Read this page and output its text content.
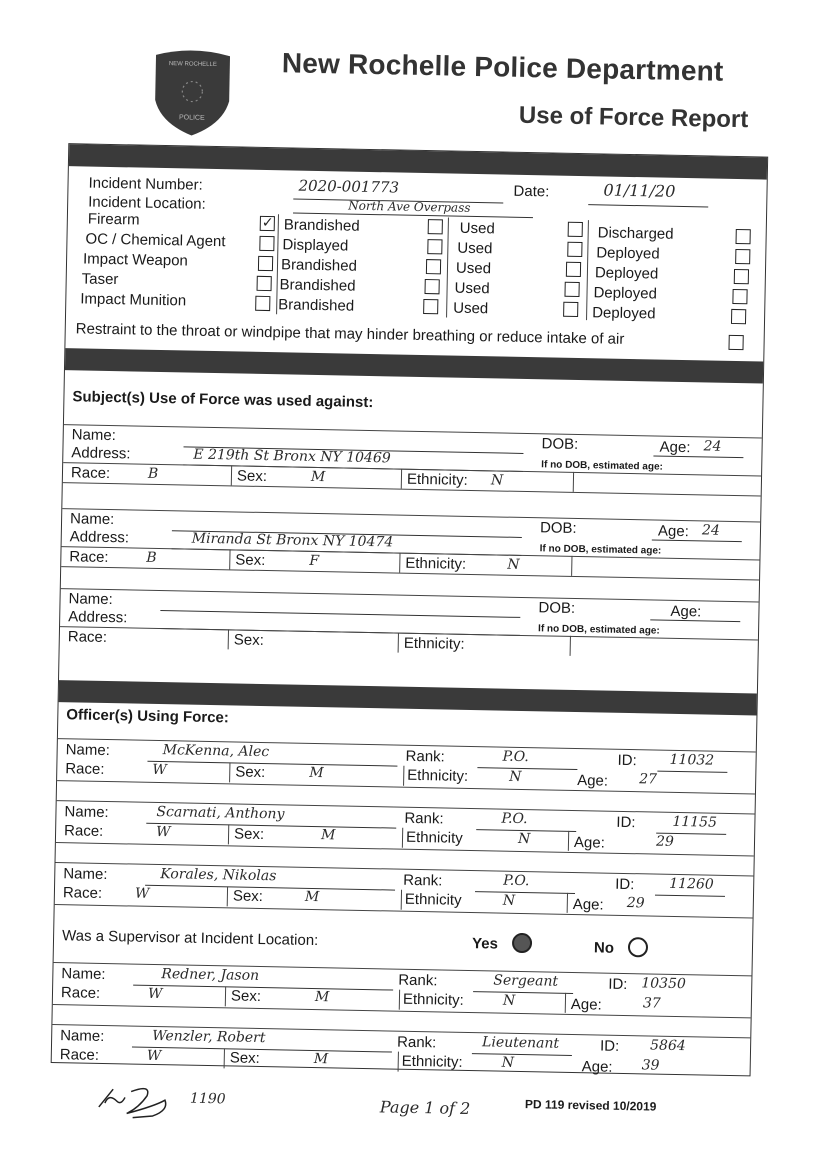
NEW ROCHELLE
POLICE
New Rochelle Police Department
Use of Force Report
Incident Number:	2020-001773	Date:	01/11/20
Incident Location:	North Ave Overpass
Firearm ✓	Brandished	Used	Discharged
OC / Chemical Agent	Displayed	Used	Deployed
Impact Weapon	Brandished	Used	Deployed
Taser	Brandished	Used	Deployed
Impact Munition	Brandished	Used	Deployed
Restraint to the throat or windpipe that may hinder breathing or reduce intake of air
Subject(s) Use of Force was used against:
Name:
DOB:	Age: 24
Address:	E 219th St Bronx NY 10469	If no DOB, estimated age:
Race:	B	Sex:	M	Ethnicity: N
Name:
DOB:	Age: 24
Address:	Miranda St Bronx NY 10474	If no DOB, estimated age:
Race:	B	Sex:	F	Ethnicity:	N
Name:
DOB:	Age:
Address:
If no DOB, estimated age:
Race:	Sex:	Ethnicity:
Officer(s) Using Force:
Name:	McKenna, Alec	Rank:	P.O.	ID: 11032
Race:	W	Sex:	M	Ethnicity:	N	Age: 27
Name:	Scarnati, Anthony	Rank:	P.O.	ID:	11155
Race:	W	Sex:	M	Ethnicity	N	Age:	29
Name:	Korales, Nikolas	Rank:	P.O.	ID: 11260
Race: W	Sex:	M	Ethnicity	N	Age: 29
Was a Supervisor at Incident Location:	Yes	No
Name:	Redner, Jason	Rank:	Sergeant	ID: 10350
Race:	W	Sex:	M	Ethnicity:	N	Age:	37
Name:	Wenzler, Robert	Rank:	Lieutenant	ID: 5864
Race:	W	Sex:	M	Ethnicity:	N	Age: 39
1190	Page 1 of 2	PD 119 revised 10/2019
